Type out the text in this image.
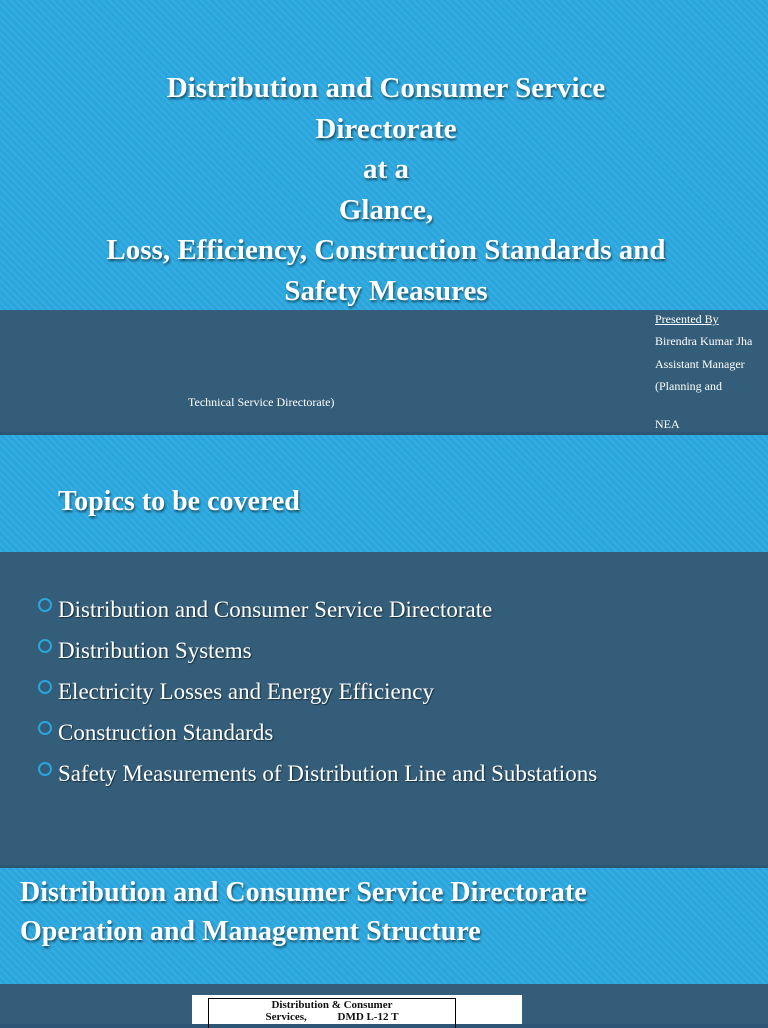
Distribution and Consumer Service
Directorate
at a
Glance,
Loss, Efficiency, Construction Standards and
Safety Measures
Presented By
Birendra Kumar Jha
Assistant Manager
(Planning and
Technical Service Directorate)
NEA
Topics to be covered
Distribution and Consumer Service Directorate
Distribution Systems
Electricity Losses and Energy Efficiency
Construction Standards
Safety Measurements of Distribution Line and Substations
Distribution and Consumer Service Directorate
Operation and Management Structure
Distribution & Consumer
Services,	DMD L-12 T
